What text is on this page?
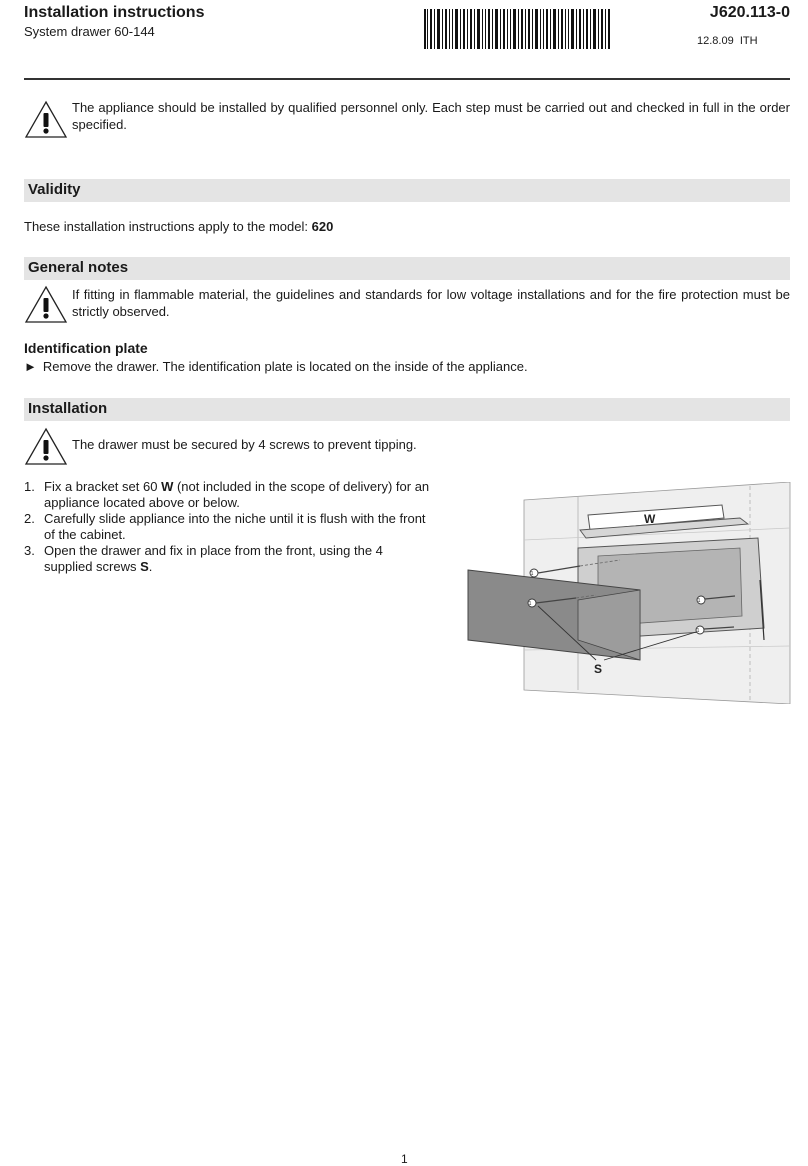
Installation instructions
System drawer 60-144
J620.113-0
12.8.09  ITH
The appliance should be installed by qualified personnel only. Each step must be carried out and checked in full in the order specified.
Validity
These installation instructions apply to the model: 620
General notes
If fitting in flammable material, the guidelines and standards for low voltage installations and for the fire protection must be strictly observed.
Identification plate
► Remove the drawer. The identification plate is located on the inside of the appliance.
Installation
The drawer must be secured by 4 screws to prevent tipping.
1. Fix a bracket set 60 W (not included in the scope of delivery) for an appliance located above or below.
2. Carefully slide appliance into the niche until it is flush with the front of the cabinet.
3. Open the drawer and fix in place from the front, using the 4 supplied screws S.
W
1
1	1
1
S
1
